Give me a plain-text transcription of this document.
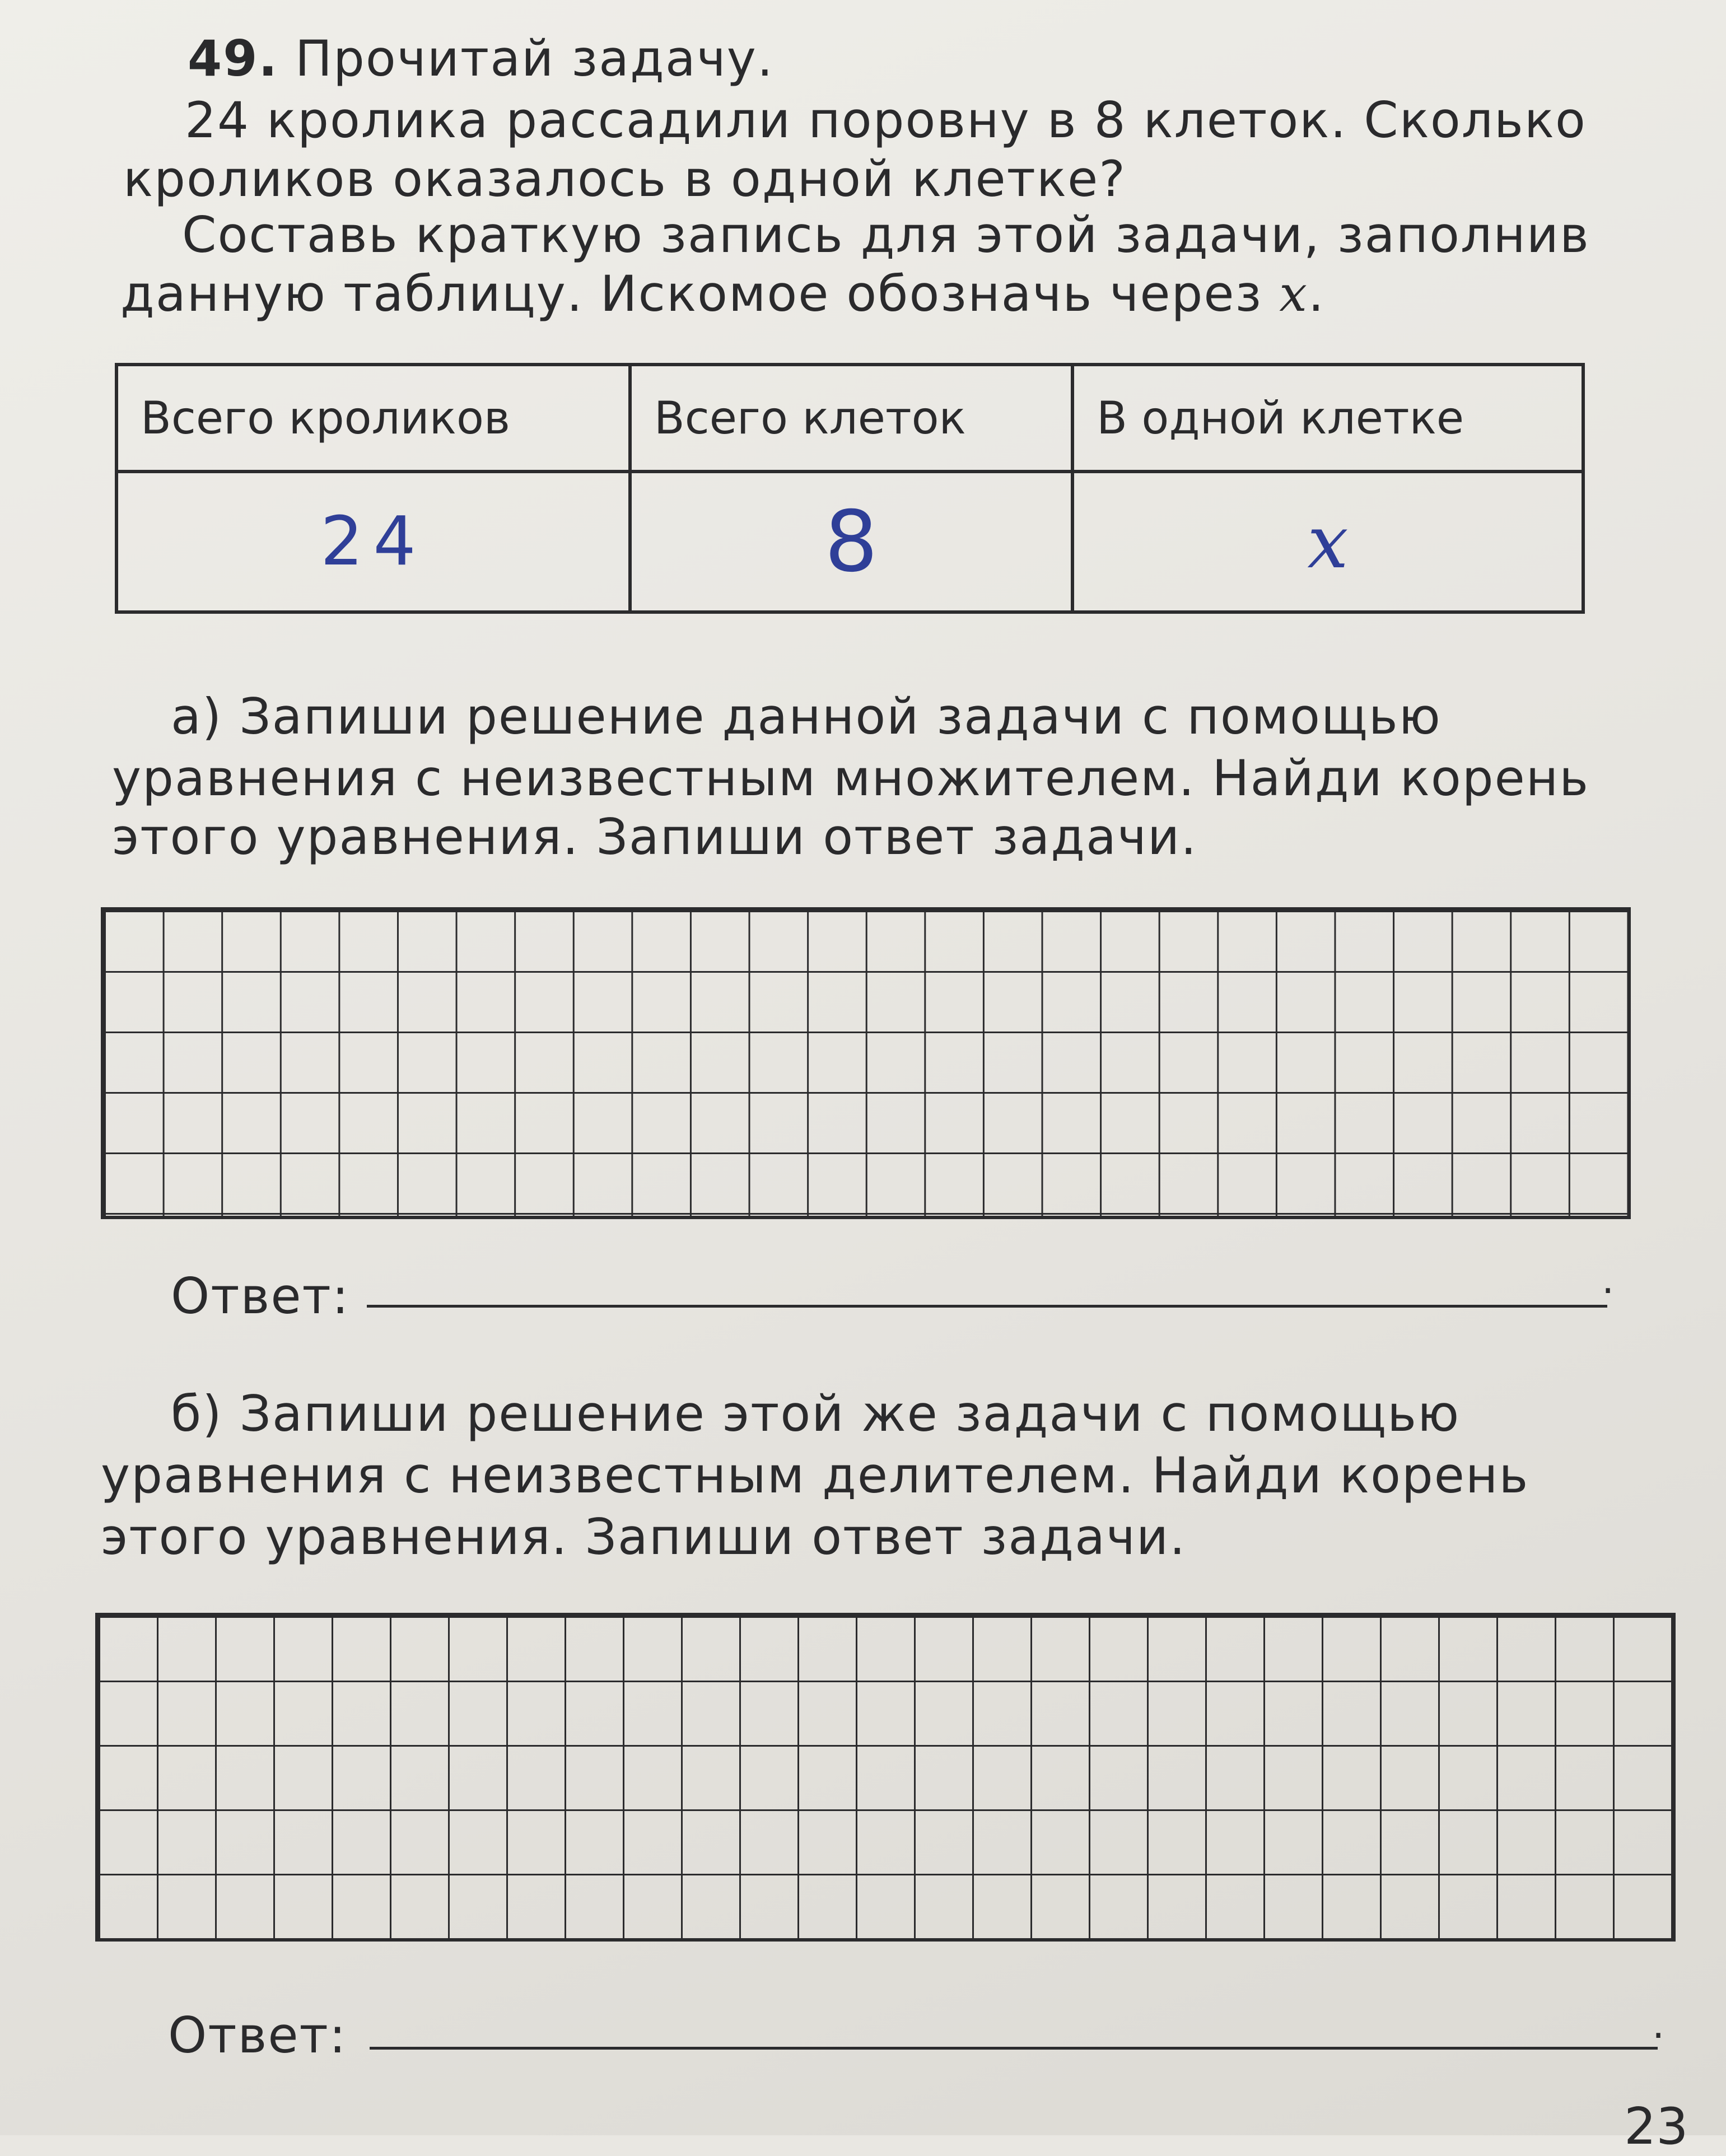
49. Прочитай задачу.
24 кролика рассадили поровну в 8 клеток. Сколько
кроликов оказалось в одной клетке?
Составь краткую запись для этой задачи, заполнив
данную таблицу. Искомое обозначь через x.
Всего кроликов	Всего клеток	В одной клетке
24	8	x
а) Запиши решение данной задачи с помощью
уравнения с неизвестным множителем. Найди корень
этого уравнения. Запиши ответ задачи.
Ответ:	.
б) Запиши решение этой же задачи с помощью
уравнения с неизвестным делителем. Найди корень
этого уравнения. Запиши ответ задачи.
Ответ:	.
23
